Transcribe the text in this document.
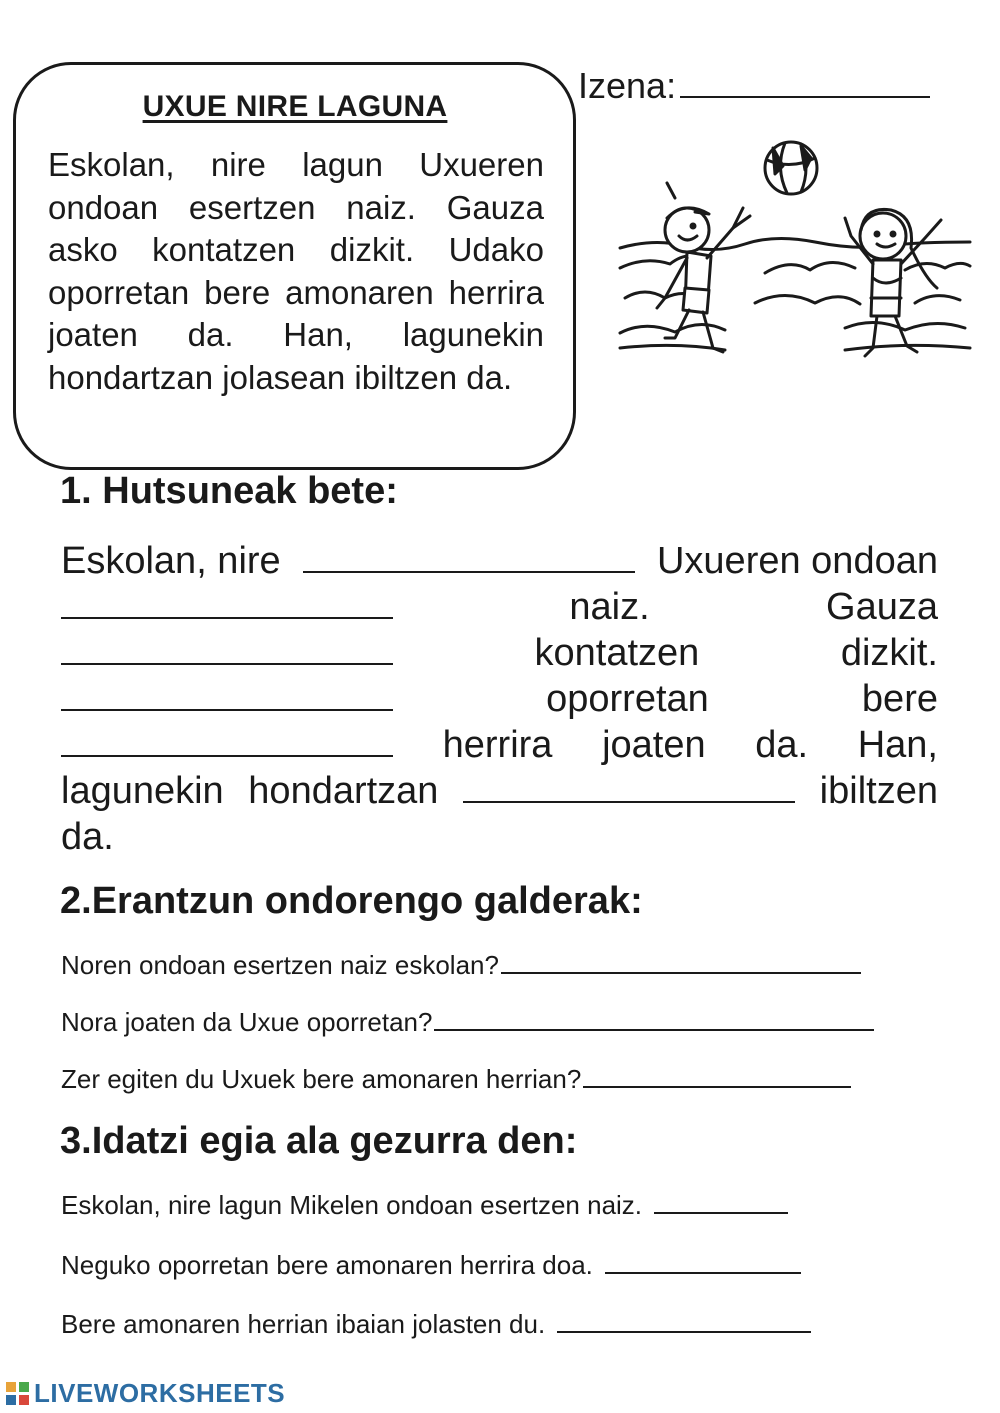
UXUE NIRE LAGUNA

Eskolan, nire lagun Uxueren ondoan esertzen naiz. Gauza asko kontatzen dizkit. Udako oporretan bere amonaren herrira joaten da. Han, lagunekin hondartzan jolasean ibiltzen da.

Izena:
1. Hutsuneak bete:
Eskolan, nire	Uxueren ondoan
naiz.	Gauza
kontatzen	dizkit.
oporretan	bere
herrira joaten da. Han,
lagunekin hondartzan	ibiltzen
da.
2.Erantzun ondorengo galderak:
Noren ondoan esertzen naiz eskolan?
Nora joaten da Uxue oporretan?
Zer egiten du Uxuek bere amonaren herrian?
3.Idatzi egia ala gezurra den:
Eskolan, nire lagun Mikelen ondoan esertzen naiz.
Neguko oporretan bere amonaren herrira doa.
Bere amonaren herrian ibaian jolasten du.
LIVEWORKSHEETS
